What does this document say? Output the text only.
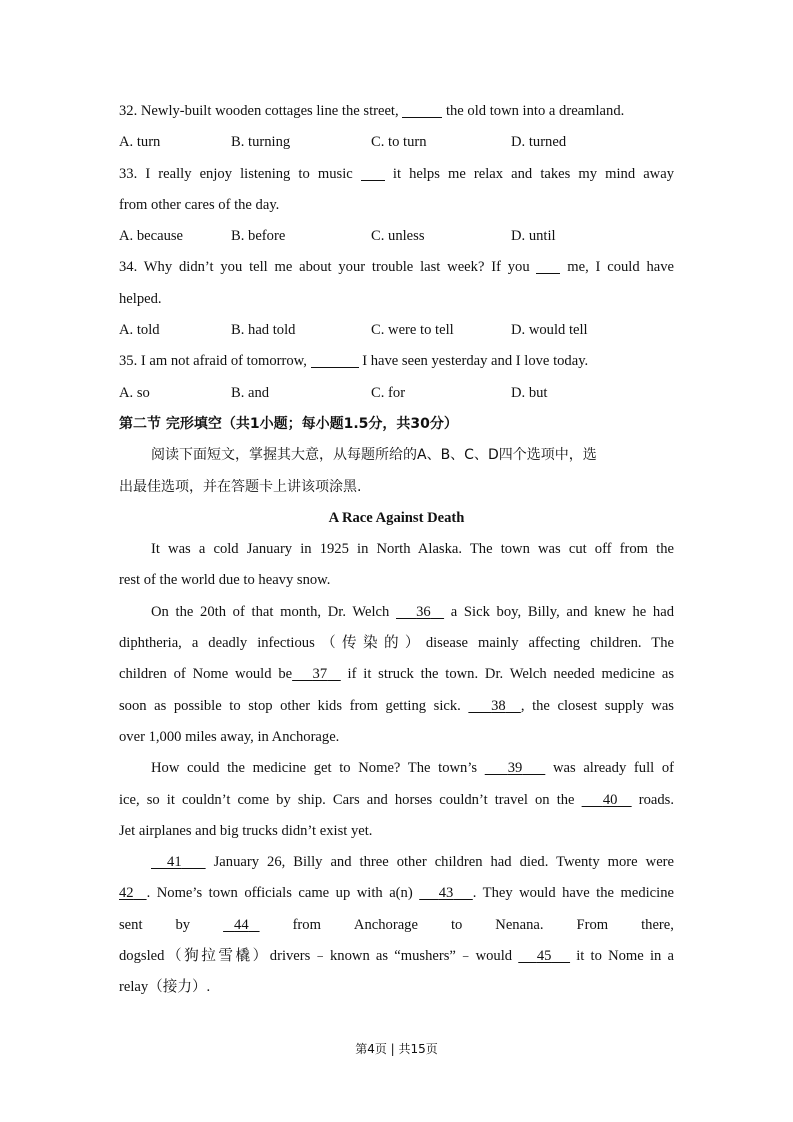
32. Newly-built wooden cottages line the street,	the old town into a dreamland.
A. turn	B. turning	C. to turn	D. turned
33. I really enjoy listening to music  it helps me relax and takes my mind away
from other cares of the day.
A. because	B. before	C. unless	D. until
34. Why didn’t you tell me about your trouble last week? If you  me, I could have
helped.
A. told	B. had told	C. were to tell	D. would tell
35. I am not afraid of tomorrow,	I have seen yesterday and I love today.
A. so	B. and	C. for	D. but
第二节 完形填空（共1小题；每小题1.5分，共30分）
阅读下面短文，掌握其大意，从每题所给的A、B、C、D四个选项中，选
出最佳选项，并在答题卡上讲该项涂黑.
A Race Against Death
It was a cold January in 1925 in North Alaska. The town was cut off from the
rest of the world due to heavy snow.
On the 20th of that month, Dr. Welch    36   a Sick boy, Billy, and knew he had
diphtheria, a deadly infectious（传染的）disease mainly affecting children. The
children of Nome would be 37   if it struck the town. Dr. Welch needed medicine as
soon as possible to stop other kids from getting sick.    38 , the closest supply was
over 1,000 miles away, in Anchorage.
How could the medicine get to Nome? The town’s    39    was already full of
ice, so it couldn’t come by ship. Cars and horses couldn’t travel on the    40   roads.
Jet airplanes and big trucks didn’t exist yet.
41    January 26, Billy and three other children had died. Twenty more were
42 . Nome’s town officials came up with a(n)    43 . They would have the medicine
sent by	44	from Anchorage to Nenana. From there,
dogsled（狗拉雪橇）drivers﹣known as “mushers”﹣would    45    it to Nome in a
relay（接力）.
第4页 | 共15页
